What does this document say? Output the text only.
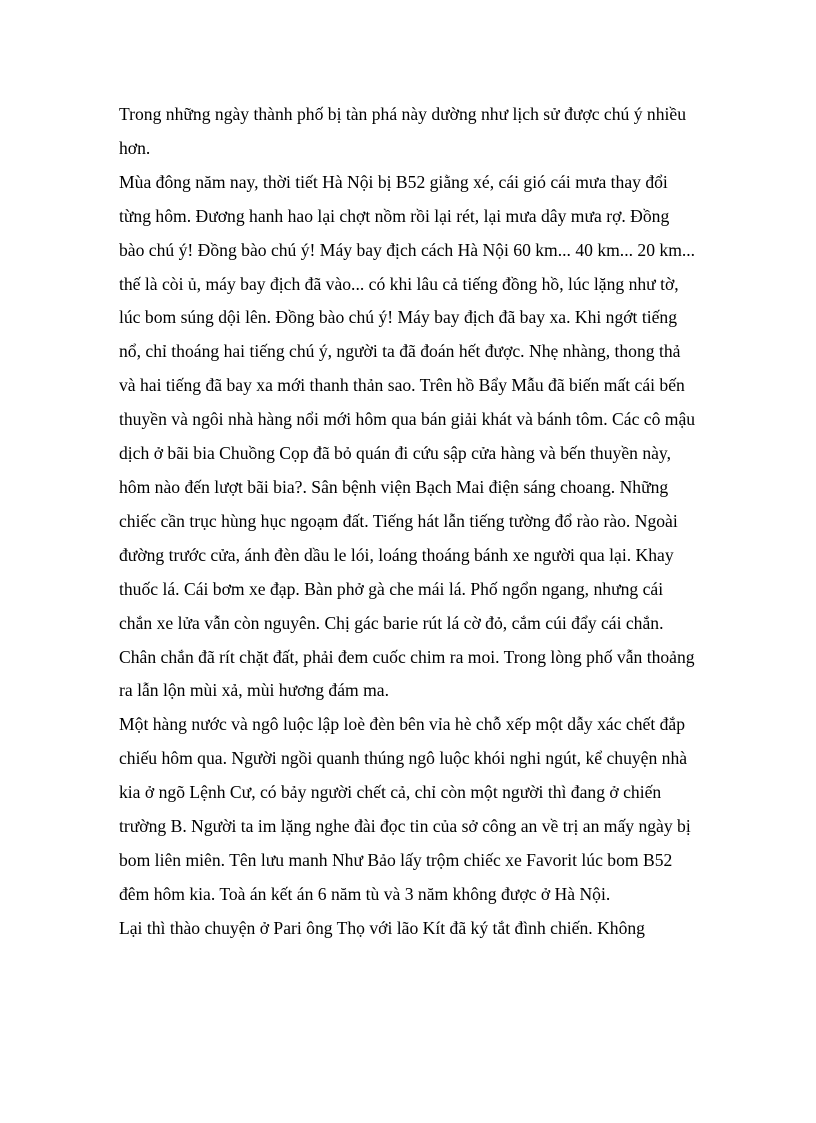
Trong những ngày thành phố bị tàn phá này dường như lịch sử được chú ý nhiều hơn.

Mùa đông năm nay, thời tiết Hà Nội bị B52 giằng xé, cái gió cái mưa thay đổi từng hôm. Đương hanh hao lại chợt nồm rồi lại rét, lại mưa dây mưa rợ. Đồng bào chú ý! Đồng bào chú ý! Máy bay địch cách Hà Nội 60 km... 40 km... 20 km... thế là còi ủ, máy bay địch đã vào... có khi lâu cả tiếng đồng hồ, lúc lặng như tờ, lúc bom súng dội lên. Đồng bào chú ý! Máy bay địch đã bay xa. Khi ngớt tiếng nổ, chỉ thoáng hai tiếng chú ý, người ta đã đoán hết được. Nhẹ nhàng, thong thả và hai tiếng đã bay xa mới thanh thản sao. Trên hồ Bẩy Mẫu đã biến mất cái bến thuyền và ngôi nhà hàng nổi mới hôm qua bán giải khát và bánh tôm. Các cô mậu dịch ở bãi bia Chuồng Cọp đã bỏ quán đi cứu sập cửa hàng và bến thuyền này, hôm nào đến lượt bãi bia?. Sân bệnh viện Bạch Mai điện sáng choang. Những chiếc cần trục hùng hục ngoạm đất. Tiếng hát lẫn tiếng tường đổ rào rào. Ngoài đường trước cửa, ánh đèn dầu le lói, loáng thoáng bánh xe người qua lại. Khay thuốc lá. Cái bơm xe đạp. Bàn phở gà che mái lá. Phố ngổn ngang, nhưng cái chắn xe lửa vẫn còn nguyên. Chị gác barie rút lá cờ đỏ, cắm cúi đẩy cái chắn. Chân chắn đã rít chặt đất, phải đem cuốc chim ra moi. Trong lòng phố vẫn thoảng ra lẫn lộn mùi xả, mùi hương đám ma.

Một hàng nước và ngô luộc lập loè đèn bên vỉa hè chỗ xếp một dẫy xác chết đắp chiếu hôm qua. Người ngồi quanh thúng ngô luộc khói nghi ngút, kể chuyện nhà kia ở ngõ Lệnh Cư, có bảy người chết cả, chỉ còn một người thì đang ở chiến trường B. Người ta im lặng nghe đài đọc tin của sở công an về trị an mấy ngày bị bom liên miên. Tên lưu manh Như Bảo lấy trộm chiếc xe Favorit lúc bom B52 đêm hôm kia. Toà án kết án 6 năm tù và 3 năm không được ở Hà Nội.

Lại thì thào chuyện ở Pari ông Thọ với lão Kít đã ký tắt đình chiến. Không
